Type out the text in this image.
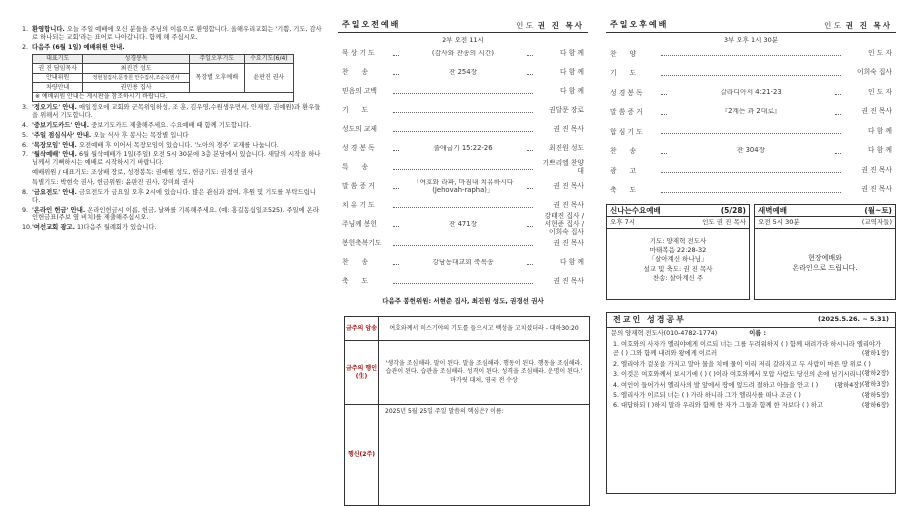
1. 환영합니다. 오늘 주일 예배에 오신 분들을 주님의 이름으로 환영합니다. 올해우리교회는 '기쁨, 기도, 감사로 하나되는 교회'라는 표어로 나아갑니다. 함께 해 주십시오.
2. 다음주 (6월 1일) 예배위원 안내.
대표기도	성경봉독	주일오후기도	수요기도(6/4)
권 진 담임목사	최진건 성도	목장별 오후예배	윤판진 권사
안내위원	정현철집사,문장원 안수집사,조순옥권사		
차량안내	권민용 집사		
※ 예배위원 안내는 게시판을 참조하시기 바랍니다.			
3. '정오기도' 안내. 매일정오에 교회와 군목위임하성, 조 훈, 김우영,수원생우먼서, 안재영, 권예원)과 환우들을 위해서 기도합니다.
4. '중보기도카드' 안내. 중보기도카드 제출해주세요. 수요예배 때 함께 기도합니다.
5. '주일 점심식사' 안내. 오늘 식사 후 봉사는 목장별 입니다
6. '목장모임' 안내. 오전예배 후 이어서 목장모임이 있습니다. '노아의 경주' 교재를 나눕니다.
7. '월삭예배' 안내. 6월 월삭예배가 1일(주일) 오전 5시 30분에 3층 본당에서 있습니다. 새달의 시작을 하나님께서 기뻐하시는 예배로 시작하시기 바랍니다.
예배위원 / 대표기도: 조상배 장로, 성경봉독: 권예원 성도, 헌금기도: 권경선 권사
특별기도: 박현숙 권사, 헌금위원: 윤판진 권사, 강미희 권사
8. '금요전도' 안내. 금요전도가 금요일 오후 2시에 있습니다. 많은 관심과 참여, 후원 및 기도를 부탁드립니다.
9. '온라인 헌금' 안내. 온라인헌금시 이름, 헌금, 날짜를 기록해주세요. (예: 홍길동십일조525). 주일에 온라인헌금표(주보 옆 비치)를 제출해주십시오.
10. '여선교회 광고. 1)다음주 월례회가 있습니다.
주일오전예배	인 도 권 진 목사
2부 오전 11시
묵 상 기 도	(감사와 찬송의 시간)	다 함 께
찬      송	찬 254장	다 함 께
믿음의 고백	다 함 께
기      도	권달문 장로
성도의 교제	권 진 목사
성 경 봉 독	출애굽기 15:22-26	최진원 성도
특      송
기쁘리엘 찬양대
말 씀 증 거
「여호와 라파, 마침내 치유하시다 (Jehovah-rapha)」	권 진 목사
치 유 기 도	권 진 목사
주님께 봉헌	찬 471장
강태진 집사 / 서현준 집사 / 이희숙 집사
봉헌축복기도	권 진 목사
찬      송	강남동대교회 축복송	다 함 께
축      도	권 진 목사
다음주 봉헌위원: 서현준 집사, 최진원 성도, 권경선 권사
금주의 암송	여호와께서 히스기야의 기도를 들으시고 백성을 고치셨더라 - 대하30:20
금주의 행인(生)	'생각을 조심해라. 말이 된다. 말을 조심해라. 행동이 된다. 행동을 조심해라. 습관이 된다. 습관을 조심해라. 성격이 된다. 성격을 조심해라. 운명이 된다.'
마가릿 대처, 영국 전 수상

행신(2주)	2025년 5월 25일 주일 말씀의 핵심은? 이름:
주일오후예배	인 도 권 진 목사
3부 오후 1시 30분
찬      양	인 도 자
기      도	이희숙 집사
성 경 봉 독	갈라디아서 4:21-23	인 도 자
말 씀 증 거	『2계는 과 2대로』	권 진 목사
합 심 기 도	다 함 께
찬      송	찬 304장	다 함 께
광      고	권 진 목사
축      도	권 진 목사
신나는수요예배	(5/28)
오후 7시	인도 권 진 목사
기도: 양재혁 전도사
마태복음 22:28-32
「살아계신 하나님」
설교 및 축도: 권 진 목사
찬송: 살아계신 주
새벽예배	(월~토)
오전 5시 30분	(교역자들)
현장예배와
온라인으로 드립니다.
전교인 성경공부	(2025.5.26. ~ 5.31)
문의 양재혁 전도사(010-4782-1774)	이름 :
1. 여호와의 사자가 엘리야에게 이르되 너는 그를 두려워하지 ( ) 함께 내려가라 하시니라 엘리야가 곧 ( ) 그와 함께 내려와 왕에게 이르러	(왕하1장)
2. 엘리야가 겉옷을 가지고 말아 물을 치매 물이 이리 저리 갈라지고 두 사람이 마른 땅 위로 ( )
(왕하2장)
3. 이것은 여호와께서 보시기에 ( ) ( )이라 여호와께서 모압 사람도 당신의 손에 넘기시리니
(왕하3장)
4. 여인이 들어가서 엘리사의 발 앞에서 땅에 엎드려 절하고 아들을 안고 ( )	(왕하4장)
5. 엘리사가 이르되 너는 ( ) 가라 하니라 그가 엘리사를 떠나 조금 ( )	(왕하5장)
6. 대답하되 ( )하지 말라 우리와 함께 한 자가 그들과 함께 한 자보다 ( ) 하고	(왕하6장)
